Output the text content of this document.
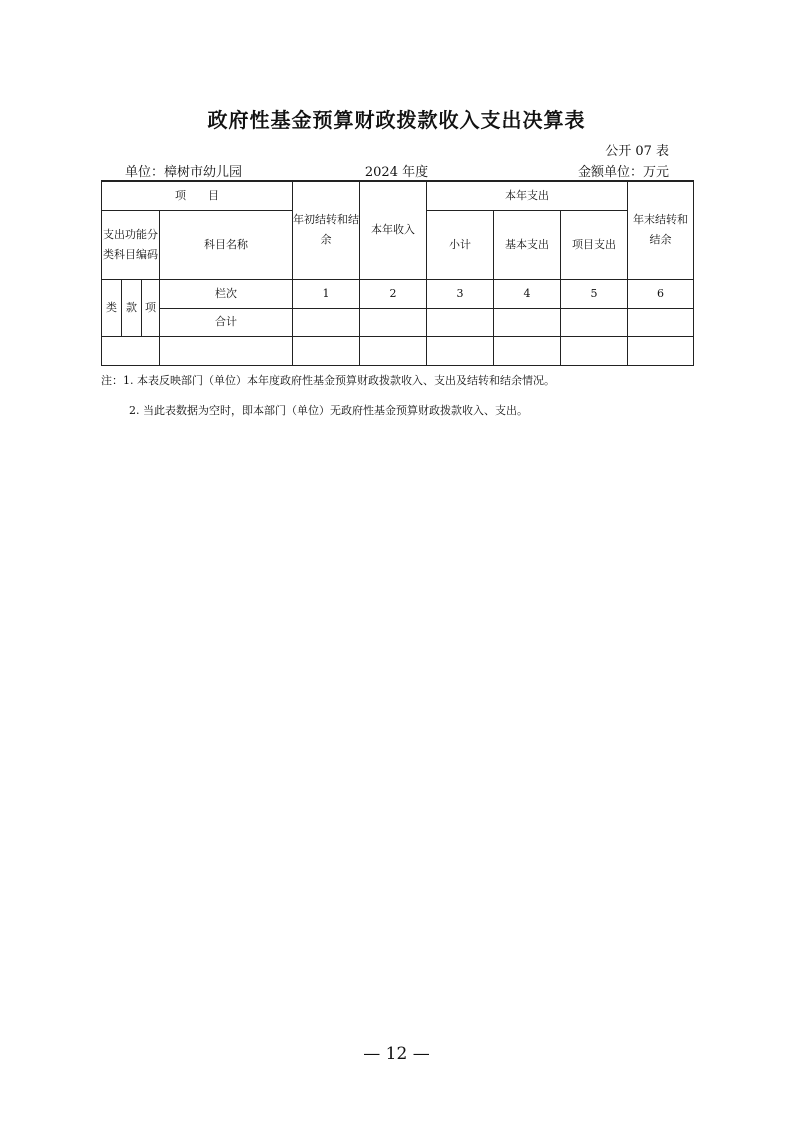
政府性基金预算财政拨款收入支出决算表
公开 07 表
单位：樟树市幼儿园	2024 年度	金额单位：万元
项　　目				年初结转和结余	本年收入	本年支出			年末结转和结余
支出功能分类科目编码			科目名称			小计	基本支出	项目支出	
类	款	项	栏次	1	2	3	4	5	6
			合计						

注：1. 本表反映部门（单位）本年度政府性基金预算财政拨款收入、支出及结转和结余情况。
2. 当此表数据为空时，即本部门（单位）无政府性基金预算财政拨款收入、支出。
— 12 —
